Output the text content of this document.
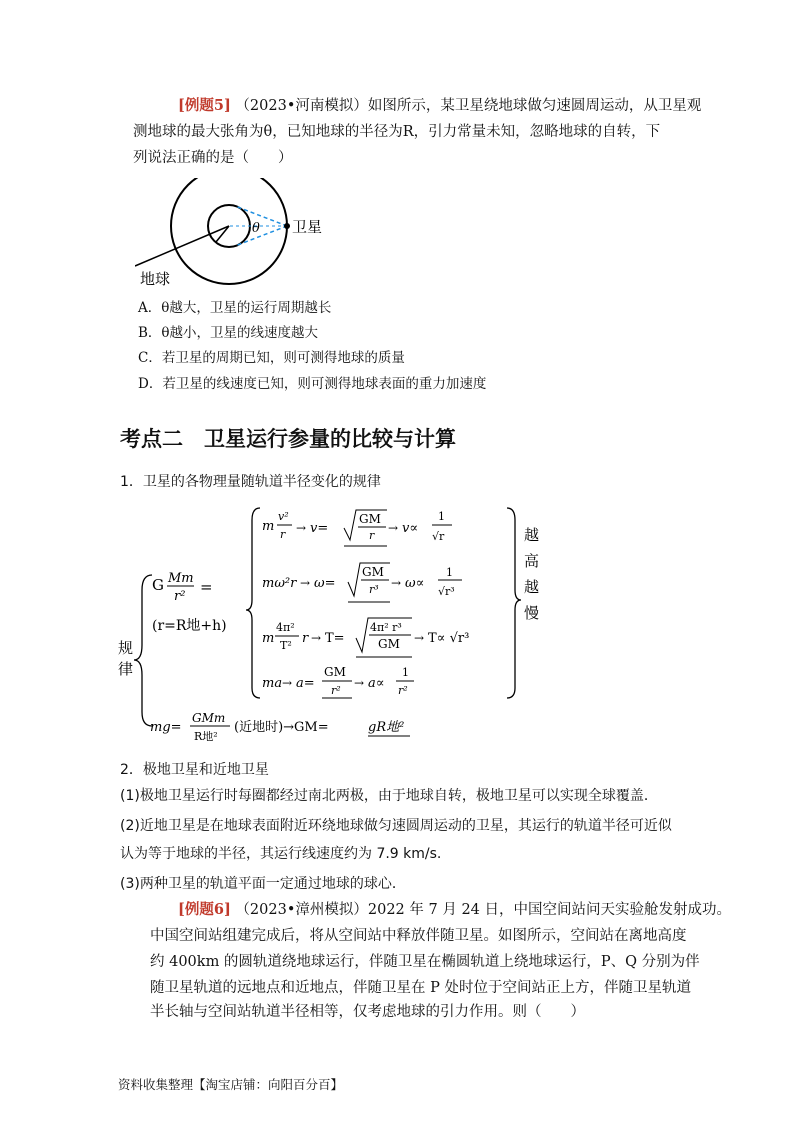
[例题5] （2023•河南模拟）如图所示，某卫星绕地球做匀速圆周运动，从卫星观
测地球的最大张角为θ，已知地球的半径为R，引力常量未知，忽略地球的自转，下
列说法正确的是（　　）
θ 卫星
地球
A．θ越大，卫星的运行周期越长
B．θ越小，卫星的线速度越大
C．若卫星的周期已知，则可测得地球的质量
D．若卫星的线速度已知，则可测得地球表面的重力加速度
考点二　卫星运行参量的比较与计算
1．卫星的各物理量随轨道半径变化的规律
规
律
G Mm
r²
=
(r=R地+h)
m
v²
r → v=
GM
r
→ v∝
1
√r
mω²r → ω=
GM
r³ → ω∝
1
√r³
m
4π²
T² r → T=
4π² r³
GM → T∝ √r³
ma → a=
GM
r²
→ a∝
1
r²
越
高
越
慢
mg=
GMm
R地²
(近地时)→GM=	gR地²
2．极地卫星和近地卫星
(1)极地卫星运行时每圈都经过南北两极，由于地球自转，极地卫星可以实现全球覆盖．
(2)近地卫星是在地球表面附近环绕地球做匀速圆周运动的卫星，其运行的轨道半径可近似
认为等于地球的半径，其运行线速度约为 7.9 km/s.
(3)两种卫星的轨道平面一定通过地球的球心．
[例题6] （2023•漳州模拟）2022 年 7 月 24 日，中国空间站问天实验舱发射成功。
中国空间站组建完成后，将从空间站中释放伴随卫星。如图所示，空间站在离地高度
约 400km 的圆轨道绕地球运行，伴随卫星在椭圆轨道上绕地球运行，P、Q 分别为伴
随卫星轨道的远地点和近地点，伴随卫星在 P 处时位于空间站正上方，伴随卫星轨道
半长轴与空间站轨道半径相等，仅考虑地球的引力作用。则（　　）
资料收集整理【淘宝店铺：向阳百分百】
